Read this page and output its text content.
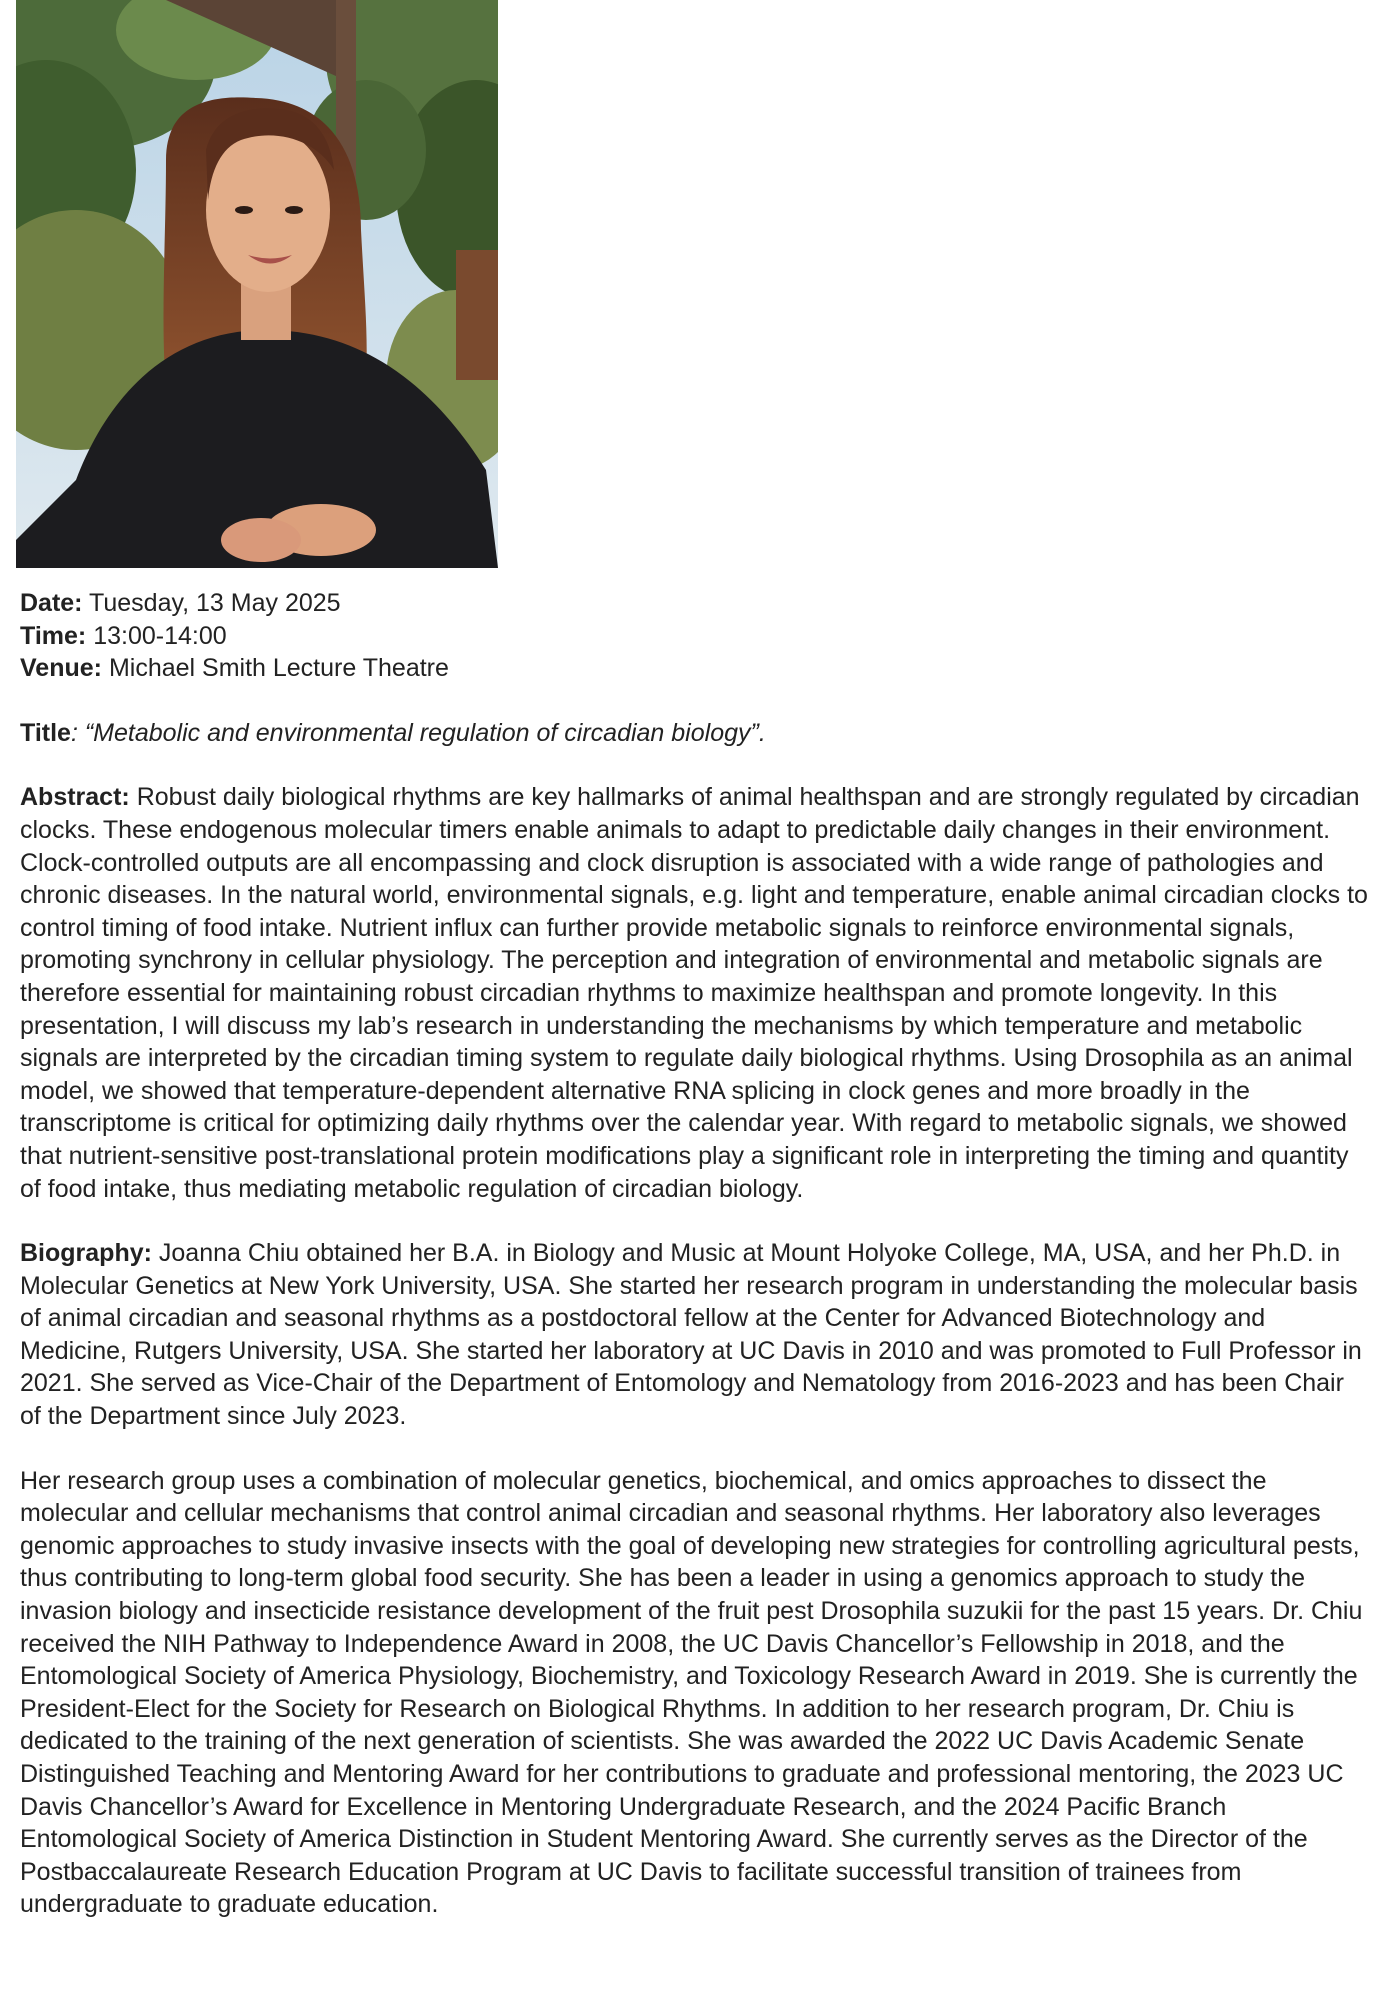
Date: Tuesday, 13 May 2025

Time: 13:00-14:00

Venue: Michael Smith Lecture Theatre

Title: “Metabolic and environmental regulation of circadian biology”.

Abstract: Robust daily biological rhythms are key hallmarks of animal healthspan and are strongly regulated by circadian clocks. These endogenous molecular timers enable animals to adapt to predictable daily changes in their environment. Clock-controlled outputs are all encompassing and clock disruption is associated with a wide range of pathologies and chronic diseases. In the natural world, environmental signals, e.g. light and temperature, enable animal circadian clocks to control timing of food intake. Nutrient influx can further provide metabolic signals to reinforce environmental signals, promoting synchrony in cellular physiology. The perception and integration of environmental and metabolic signals are therefore essential for maintaining robust circadian rhythms to maximize healthspan and promote longevity. In this presentation, I will discuss my lab’s research in understanding the mechanisms by which temperature and metabolic signals are interpreted by the circadian timing system to regulate daily biological rhythms. Using Drosophila as an animal model, we showed that temperature-dependent alternative RNA splicing in clock genes and more broadly in the transcriptome is critical for optimizing daily rhythms over the calendar year. With regard to metabolic signals, we showed that nutrient-sensitive post-translational protein modifications play a significant role in interpreting the timing and quantity of food intake, thus mediating metabolic regulation of circadian biology.

Biography: Joanna Chiu obtained her B.A. in Biology and Music at Mount Holyoke College, MA, USA, and her Ph.D. in Molecular Genetics at New York University, USA. She started her research program in understanding the molecular basis of animal circadian and seasonal rhythms as a postdoctoral fellow at the Center for Advanced Biotechnology and Medicine, Rutgers University, USA. She started her laboratory at UC Davis in 2010 and was promoted to Full Professor in 2021. She served as Vice-Chair of the Department of Entomology and Nematology from 2016-2023 and has been Chair of the Department since July 2023.

Her research group uses a combination of molecular genetics, biochemical, and omics approaches to dissect the molecular and cellular mechanisms that control animal circadian and seasonal rhythms. Her laboratory also leverages genomic approaches to study invasive insects with the goal of developing new strategies for controlling agricultural pests, thus contributing to long-term global food security. She has been a leader in using a genomics approach to study the invasion biology and insecticide resistance development of the fruit pest Drosophila suzukii for the past 15 years. Dr. Chiu received the NIH Pathway to Independence Award in 2008, the UC Davis Chancellor’s Fellowship in 2018, and the Entomological Society of America Physiology, Biochemistry, and Toxicology Research Award in 2019. She is currently the President-Elect for the Society for Research on Biological Rhythms. In addition to her research program, Dr. Chiu is dedicated to the training of the next generation of scientists. She was awarded the 2022 UC Davis Academic Senate Distinguished Teaching and Mentoring Award for her contributions to graduate and professional mentoring, the 2023 UC Davis Chancellor’s Award for Excellence in Mentoring Undergraduate Research, and the 2024 Pacific Branch Entomological Society of America Distinction in Student Mentoring Award. She currently serves as the Director of the Postbaccalaureate Research Education Program at UC Davis to facilitate successful transition of trainees from undergraduate to graduate education.
